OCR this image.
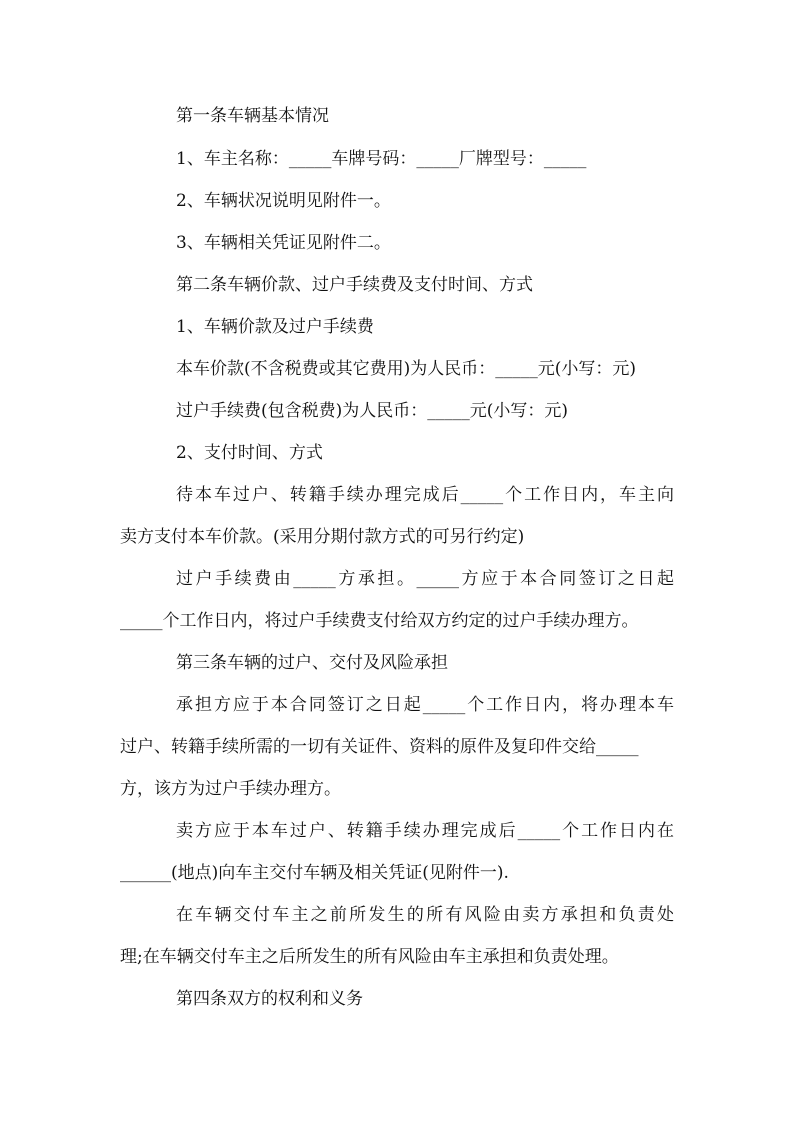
第一条车辆基本情况
1、车主名称：_____车牌号码：_____厂牌型号：_____
2、车辆状况说明见附件一。
3、车辆相关凭证见附件二。
第二条车辆价款、过户手续费及支付时间、方式
1、车辆价款及过户手续费
本车价款(不含税费或其它费用)为人民币：_____元(小写：元)
过户手续费(包含税费)为人民币：_____元(小写：元)
2、支付时间、方式
待本车过户、转籍手续办理完成后_____个工作日内，车主向
卖方支付本车价款。(采用分期付款方式的可另行约定)
过户手续费由_____方承担。_____方应于本合同签订之日起
_____个工作日内，将过户手续费支付给双方约定的过户手续办理方。
第三条车辆的过户、交付及风险承担
承担方应于本合同签订之日起_____个工作日内，将办理本车
过户、转籍手续所需的一切有关证件、资料的原件及复印件交给_____
方，该方为过户手续办理方。
卖方应于本车过户、转籍手续办理完成后_____个工作日内在
______(地点)向车主交付车辆及相关凭证(见附件一).
在车辆交付车主之前所发生的所有风险由卖方承担和负责处
理;在车辆交付车主之后所发生的所有风险由车主承担和负责处理。
第四条双方的权利和义务
